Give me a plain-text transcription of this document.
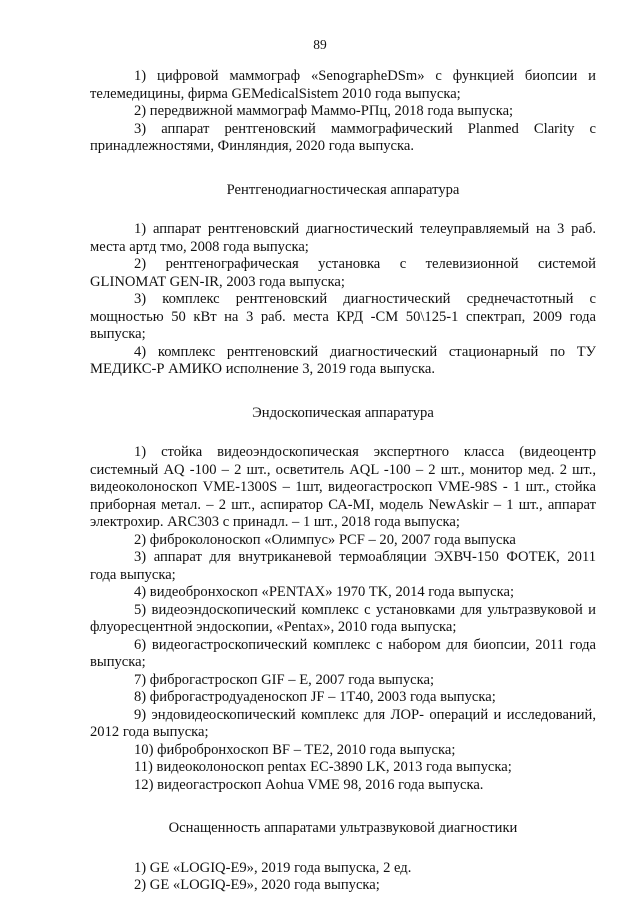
89

1) цифровой маммограф «SenographeDSm» с функцией биопсии и телемедицины, фирма GEMedicalSistem 2010 года выпуска;

2) передвижной маммограф Маммо-РПц, 2018 года выпуска;

3) аппарат рентгеновский маммографический Planmed Clarity с принадлежностями, Финляндия, 2020 года выпуска.

Рентгенодиагностическая аппаратура

1) аппарат рентгеновский диагностический телеуправляемый на 3 раб. места артд тмо, 2008 года выпуска;

2) рентгенографическая установка с телевизионной системой GLINOMAT GEN-IR, 2003 года выпуска;

3) комплекс рентгеновский диагностический среднечастотный с мощностью 50 кВт на 3 раб. места КРД -СМ 50\125-1 спектрап, 2009 года выпуска;

4) комплекс рентгеновский диагностический стационарный по ТУ МЕДИКС-Р АМИКО исполнение 3, 2019 года выпуска.

Эндоскопическая аппаратура

1) стойка видеоэндоскопическая экспертного класса (видеоцентр системный AQ -100 – 2 шт., осветитель AQL -100 – 2 шт., монитор мед. 2 шт., видеоколоноскоп VME-1300S – 1шт, видеогастроскоп VME-98S - 1 шт., стойка приборная метал. – 2 шт., аспиратор СА-MI, модель NewAskir – 1 шт., аппарат электрохир. ARC303 с принадл. – 1 шт., 2018 года выпуска;

2) фиброколоноскоп «Олимпус» PCF – 20, 2007 года выпуска

3) аппарат для внутриканевой термоабляции ЭХВЧ-150 ФОТЕК, 2011 года выпуска;

4) видеобронхоскоп «PENTAX» 1970 TK, 2014 года выпуска;

5) видеоэндоскопический комплекс с установками для ультразвуковой и флуоресцентной эндоскопии, «Pentax», 2010 года выпуска;

6) видеогастроскопический комплекс с набором для биопсии, 2011 года выпуска;

7) фиброгастроскоп GIF – E, 2007 года выпуска;

8) фиброгастродуаденоскоп JF – 1T40, 2003 года выпуска;

9) эндовидеоскопический комплекс для ЛОР- операций и исследований, 2012 года выпуска;

10) фибробронхоскоп BF – TE2, 2010 года выпуска;

11) видеоколоноскоп pentax EC-3890 LK, 2013 года выпуска;

12) видеогастроскоп Aohua VME 98, 2016 года выпуска.

Оснащенность аппаратами ультразвуковой диагностики

1) GE «LOGIQ-E9», 2019 года выпуска, 2 ед.

2) GE «LOGIQ-E9», 2020 года выпуска;
